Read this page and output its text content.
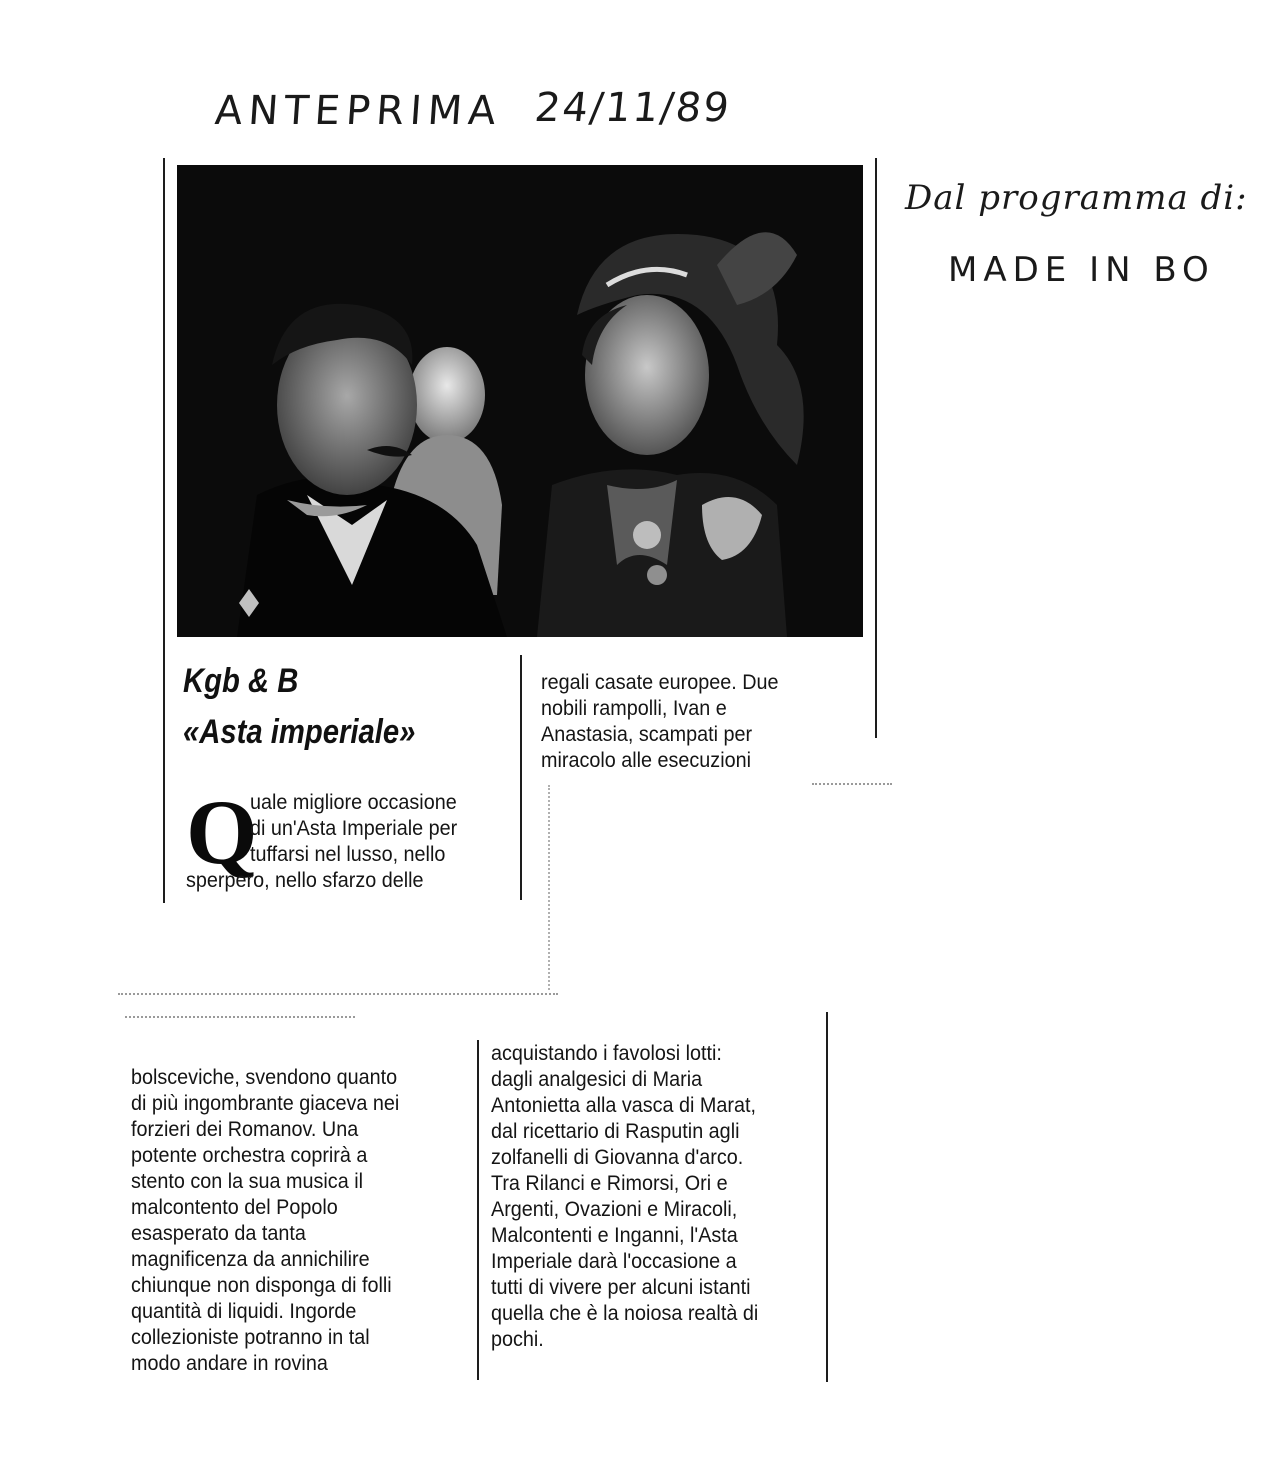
ANTEPRIMA 24/11/89
Dal programma di:
MADE IN BO
Kgb & B
«Asta imperiale»
Q

uale migliore occasione

di un'Asta Imperiale per

tuffarsi nel lusso, nello

sperpero, nello sfarzo delle

regali casate europee. Due

nobili rampolli, Ivan e

Anastasia, scampati per

miracolo alle esecuzioni

bolsceviche, svendono quanto

di più ingombrante giaceva nei

forzieri dei Romanov. Una

potente orchestra coprirà a

stento con la sua musica il

malcontento del Popolo

esasperato da tanta

magnificenza da annichilire

chiunque non disponga di folli

quantità di liquidi. Ingorde

collezioniste potranno in tal

modo andare in rovina

acquistando i favolosi lotti:

dagli analgesici di Maria

Antonietta alla vasca di Marat,

dal ricettario di Rasputin agli

zolfanelli di Giovanna d'arco.

Tra Rilanci e Rimorsi, Ori e

Argenti, Ovazioni e Miracoli,

Malcontenti e Inganni, l'Asta

Imperiale darà l'occasione a

tutti di vivere per alcuni istanti

quella che è la noiosa realtà di

pochi.
